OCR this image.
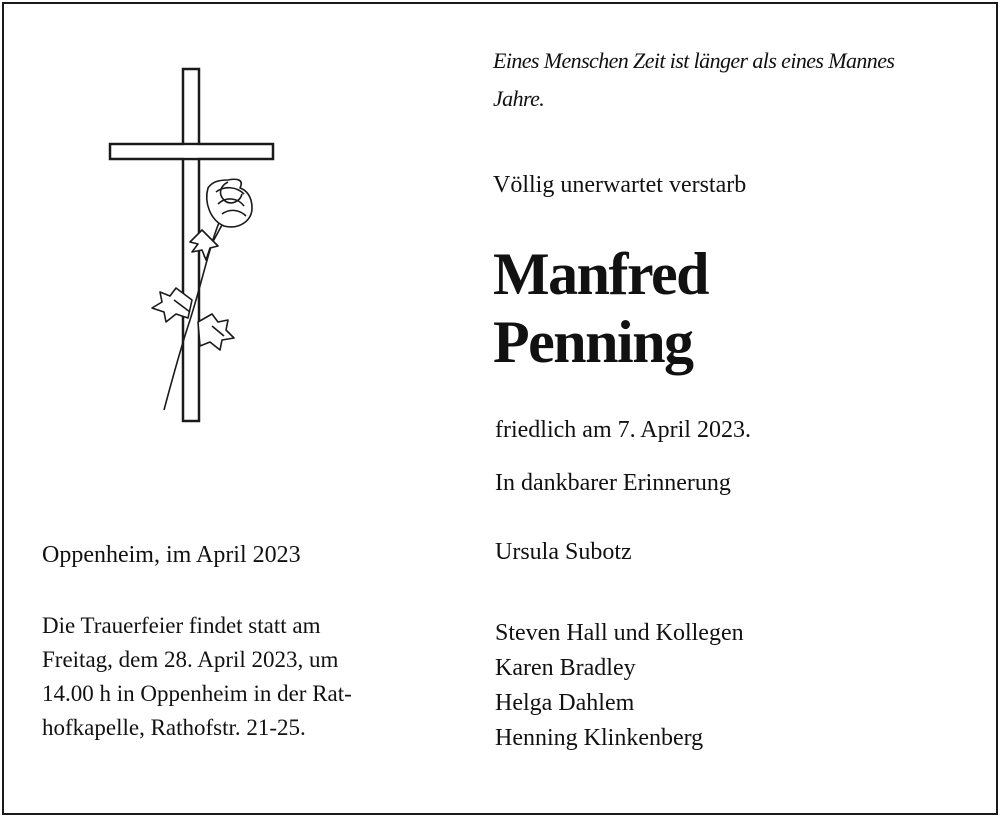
Eines Menschen Zeit ist länger als eines Mannes
Jahre.
Völlig unerwartet verstarb
Manfred
Penning
friedlich am 7. April 2023.
In dankbarer Erinnerung
Ursula Subotz
Steven Hall und Kollegen
Karen Bradley
Helga Dahlem
Henning Klinkenberg
Oppenheim, im April 2023
Die Trauerfeier findet statt am
Freitag, dem 28. April 2023, um
14.00 h in Oppenheim in der Rat-
hofkapelle, Rathofstr. 21-25.
